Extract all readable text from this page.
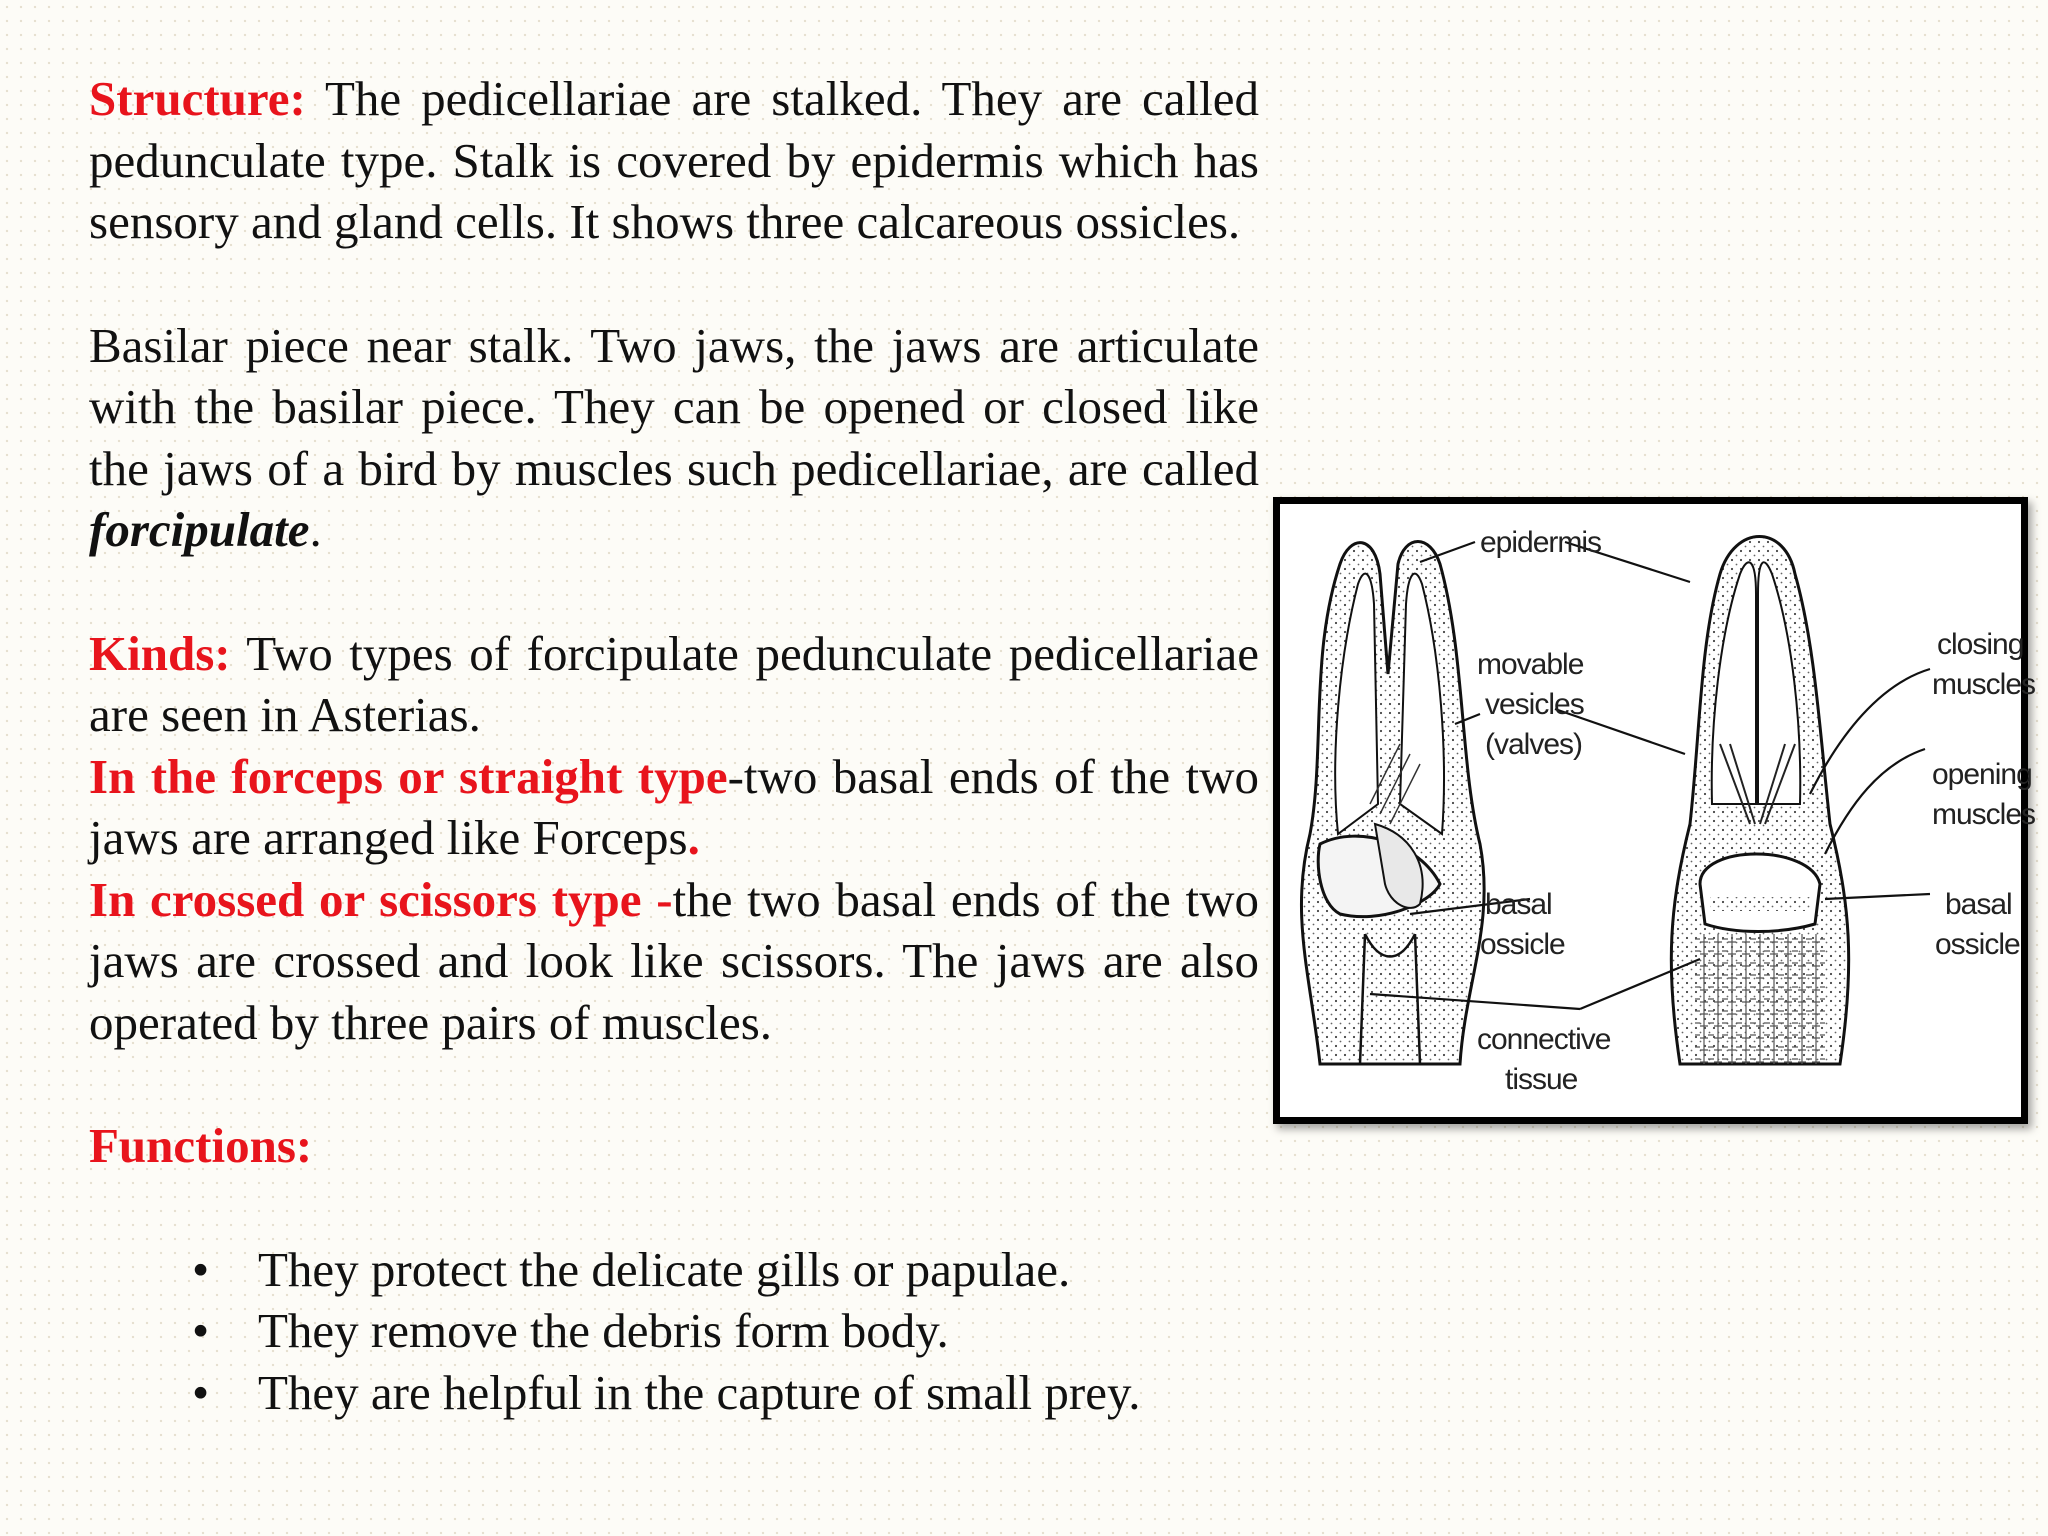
Structure: The pedicellariae are stalked. They are called pedunculate type. Stalk is covered by epidermis which has sensory and gland cells. It shows three calcareous ossicles.

Basilar piece near stalk. Two jaws, the jaws are articulate with the basilar piece. They can be opened or closed like the jaws of a bird by muscles such pedicellariae, are called forcipulate.

Kinds: Two types of forcipulate pedunculate pedicellariae are seen in Asterias.

In the forceps or straight type-two basal ends of the two jaws are arranged like Forceps.

In crossed or scissors type -the two basal ends of the two jaws are crossed and look like scissors. The jaws are also operated by three pairs of muscles.

Functions:

• They protect the delicate gills or papulae.
• They remove the debris form body.
• They are helpful in the capture of small prey.
epidermis
movable
vesicles
(valves)
basal
ossicle
connective
tissue
closing
muscles
opening
muscles
basal
ossicle
